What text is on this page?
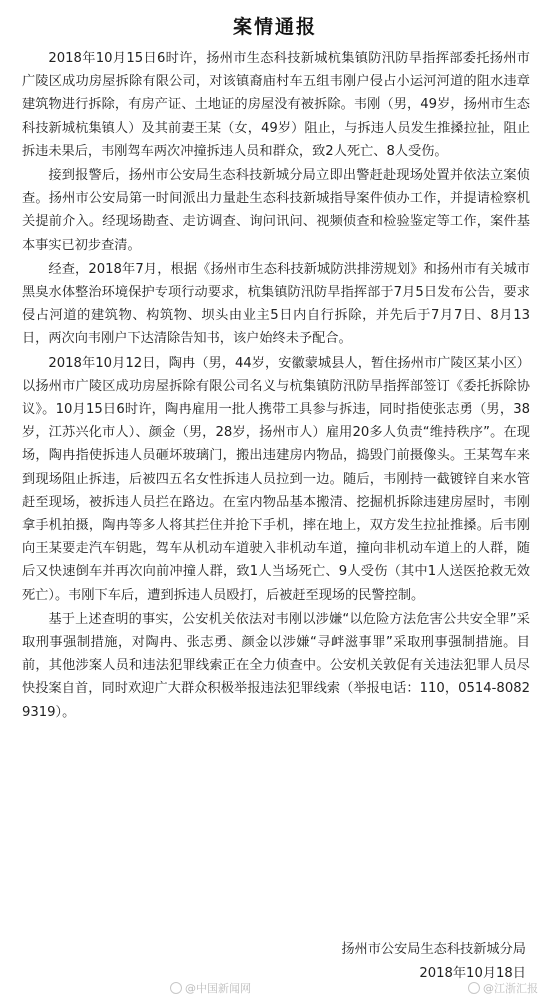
案情通报

2018年10月15日6时许，扬州市生态科技新城杭集镇防汛防旱指挥部委托扬州市广陵区成功房屋拆除有限公司，对该镇裔庙村车五组韦刚户侵占小运河河道的阻水违章建筑物进行拆除，有房产证、土地证的房屋没有被拆除。韦刚（男，49岁，扬州市生态科技新城杭集镇人）及其前妻王某（女，49岁）阻止，与拆违人员发生推搡拉扯，阻止拆违未果后，韦刚驾车两次冲撞拆违人员和群众，致2人死亡、8人受伤。

接到报警后，扬州市公安局生态科技新城分局立即出警赶赴现场处置并依法立案侦查。扬州市公安局第一时间派出力量赴生态科技新城指导案件侦办工作，并提请检察机关提前介入。经现场勘查、走访调查、询问讯问、视频侦查和检验鉴定等工作，案件基本事实已初步查清。

经查，2018年7月，根据《扬州市生态科技新城防洪排涝规划》和扬州市有关城市黑臭水体整治环境保护专项行动要求，杭集镇防汛防旱指挥部于7月5日发布公告，要求侵占河道的建筑物、构筑物、坝头由业主5日内自行拆除，并先后于7月7日、8月13日，两次向韦刚户下达清除告知书，该户始终未予配合。

2018年10月12日，陶冉（男，44岁，安徽蒙城县人，暂住扬州市广陵区某小区）以扬州市广陵区成功房屋拆除有限公司名义与杭集镇防汛防旱指挥部签订《委托拆除协议》。10月15日6时许，陶冉雇用一批人携带工具参与拆违，同时指使张志勇（男，38岁，江苏兴化市人）、颜金（男，28岁，扬州市人）雇用20多人负责“维持秩序”。在现场，陶冉指使拆违人员砸坏玻璃门，搬出违建房内物品，捣毁门前摄像头。王某驾车来到现场阻止拆违，后被四五名女性拆违人员拉到一边。随后，韦刚持一截镀锌自来水管赶至现场，被拆违人员拦在路边。在室内物品基本搬清、挖掘机拆除违建房屋时，韦刚拿手机拍摄，陶冉等多人将其拦住并抢下手机，摔在地上，双方发生拉扯推搡。后韦刚向王某要走汽车钥匙，驾车从机动车道驶入非机动车道，撞向非机动车道上的人群，随后又快速倒车并再次向前冲撞人群，致1人当场死亡、9人受伤（其中1人送医抢救无效死亡）。韦刚下车后，遭到拆违人员殴打，后被赶至现场的民警控制。

基于上述查明的事实，公安机关依法对韦刚以涉嫌“以危险方法危害公共安全罪”采取刑事强制措施，对陶冉、张志勇、颜金以涉嫌“寻衅滋事罪”采取刑事强制措施。目前，其他涉案人员和违法犯罪线索正在全力侦查中。公安机关敦促有关违法犯罪人员尽快投案自首，同时欢迎广大群众积极举报违法犯罪线索（举报电话：110，0514-80829319）。

扬州市公安局生态科技新城分局
2018年10月18日
@中国新闻网	@江浙汇报
